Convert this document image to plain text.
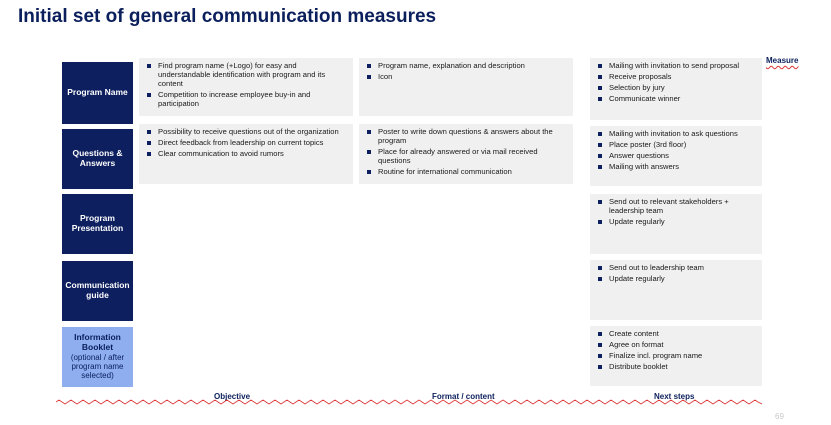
Initial set of general communication measures
Measure
Program Name
Find program name (+Logo) for easy and understandable identification with program and its content
Competition to increase employee buy-in and participation
Program name, explanation and description
Icon
Mailing with invitation to send proposal
Receive proposals
Selection by jury
Communicate winner
Questions &
Answers
Possibility to receive questions out of the organization
Direct feedback from leadership on current topics
Clear communication to avoid rumors
Poster to write down questions & answers about the program
Place for already answered or via mail received questions
Routine for international communication
Mailing with invitation to ask questions
Place poster (3rd floor)
Answer questions
Mailing with answers
Program
Presentation
Send out to relevant stakeholders + leadership team
Update regularly
Communication
guide
Send out to leadership team
Update regularly
Information
Booklet
(optional / after
program name
selected)
Create content
Agree on format
Finalize incl. program name
Distribute booklet
Objective	Format / content	Next steps
69
